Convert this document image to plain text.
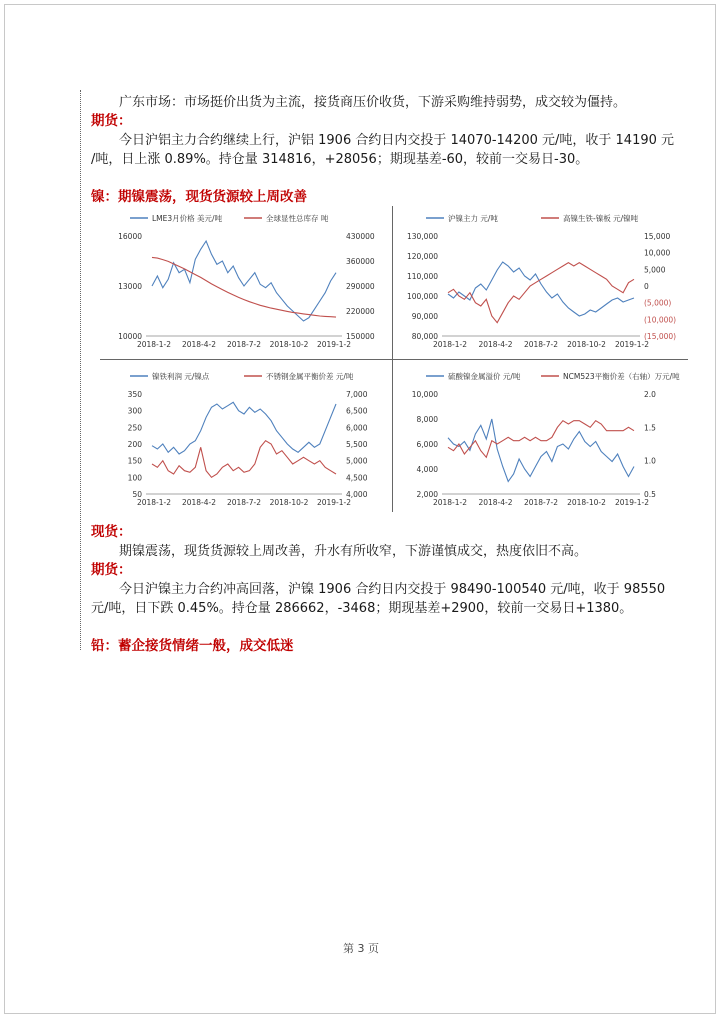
广东市场：市场挺价出货为主流，接货商压价收货，下游采购维持弱势，成交较为僵持。
期货：
今日沪铝主力合约继续上行，沪铝 1906 合约日内交投于 14070-14200 元/吨，收于 14190 元
/吨，日上涨 0.89%。持仓量 314816，+28056；期现基差-60，较前一交易日-30。
镍：期镍震荡，现货货源较上周改善
LME3月价格 美元/吨	全球显性总库存 吨
16000
13000
10000
430000
360000
290000
220000
150000
2018-1-2 2018-4-2 2018-7-2 2018-10-2 2019-1-2
沪镍主力 元/吨	高镍生铁-镍板 元/镍吨
130,000
120,000
110,000
100,000
90,000
80,000
15,000
10,000
5,000
0
(5,000)
(10,000)
(15,000)
2018-1-2 2018-4-2 2018-7-2 2018-10-2 2019-1-2
镍铁利润 元/镍点	不锈钢金属平衡价差 元/吨
350
300
250
200
150
100
50
7,000
6,500
6,000
5,500
5,000
4,500
4,000
2018-1-2 2018-4-2 2018-7-2 2018-10-2 2019-1-2
硫酸镍金属溢价 元/吨	NCM523平衡价差（右轴）万元/吨
10,000
8,000
6,000
4,000
2,000
2.0
1.5
1.0
0.5
2018-1-2 2018-4-2 2018-7-2 2018-10-2 2019-1-2
现货：
期镍震荡，现货货源较上周改善，升水有所收窄，下游谨慎成交，热度依旧不高。
期货：
今日沪镍主力合约冲高回落，沪镍 1906 合约日内交投于 98490-100540 元/吨，收于 98550
元/吨，日下跌 0.45%。持仓量 286662，-3468；期现基差+2900，较前一交易日+1380。
铅：蓄企接货情绪一般，成交低迷
第 3 页
